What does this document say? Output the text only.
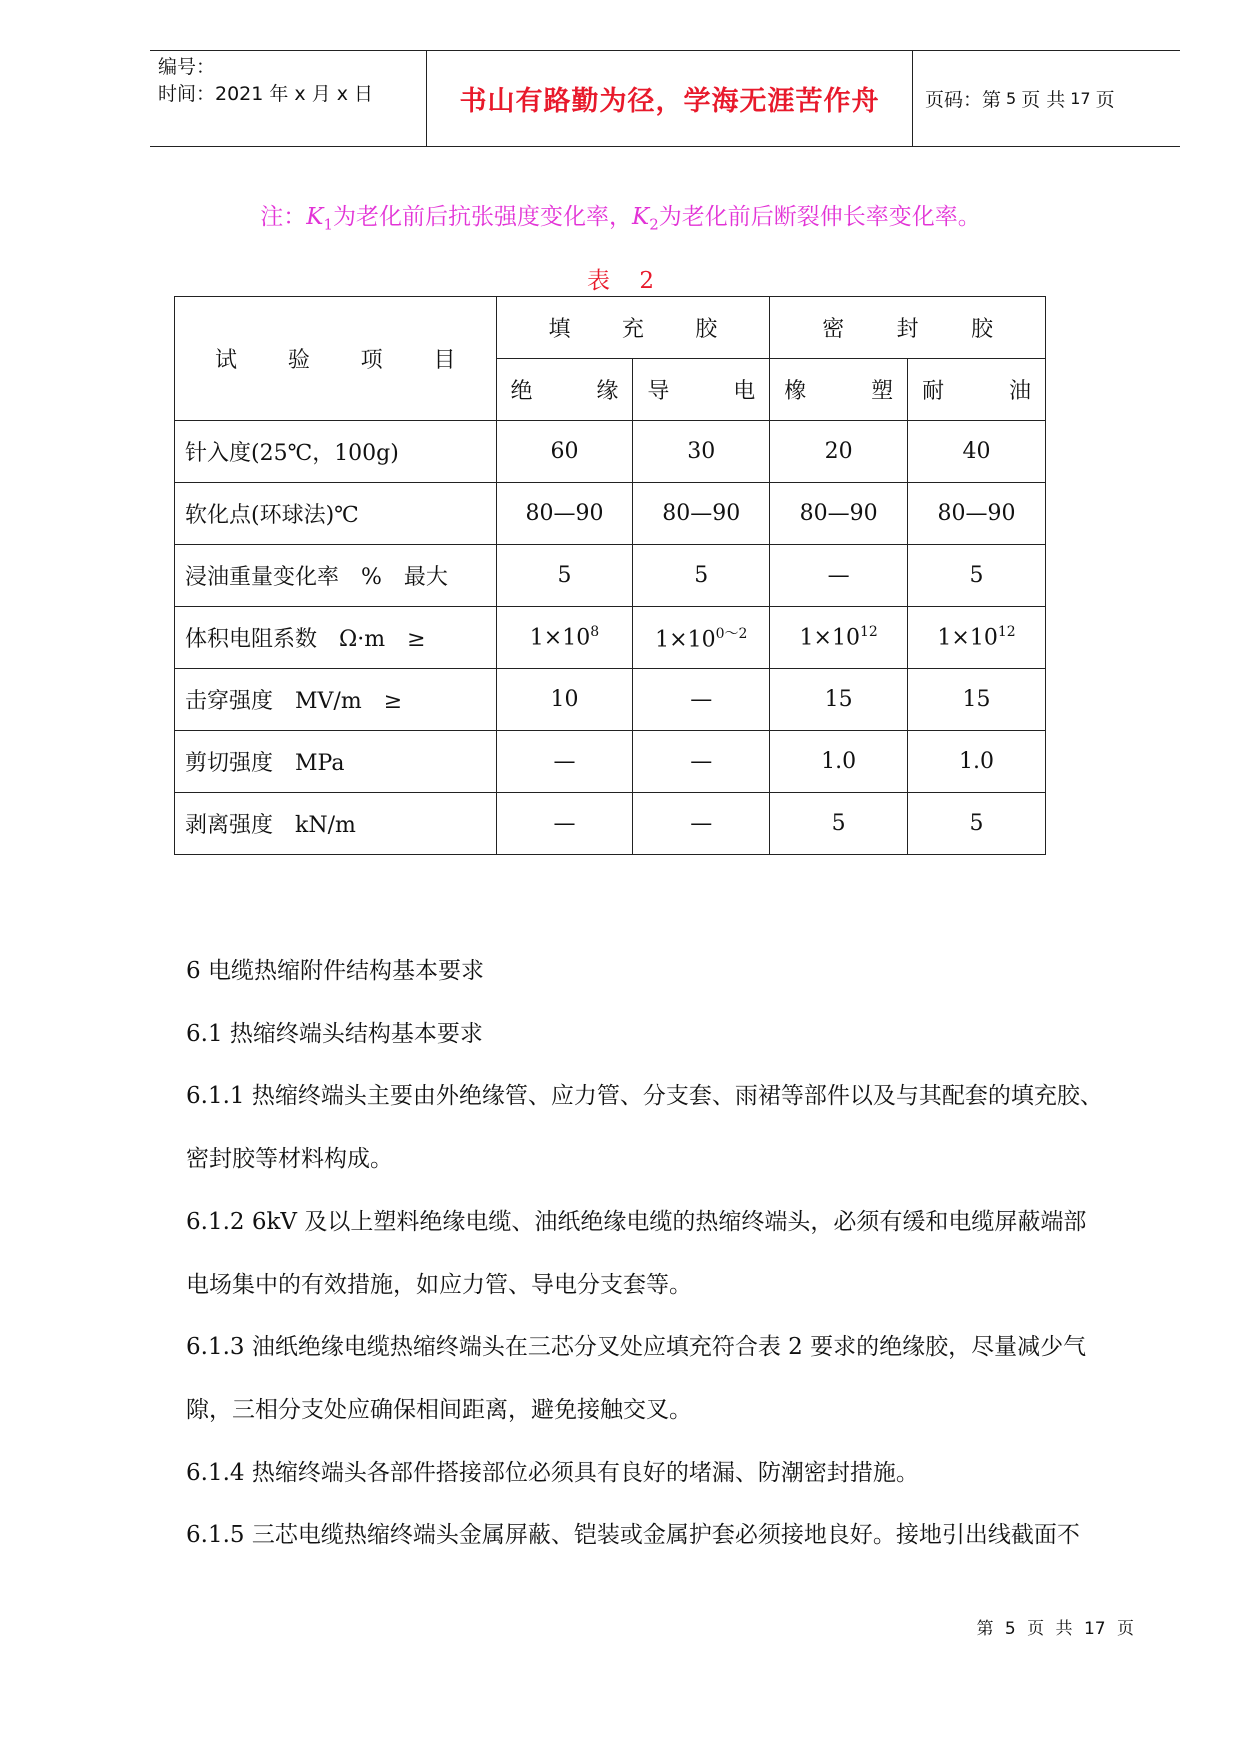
编号：
时间：2021 年 x 月 x 日	书山有路勤为径，学海无涯苦作舟	页码：第 5 页 共 17 页
注：$K_1$为老化前后抗张强度变化率，$K_2$为老化前后断裂伸长率变化率。
表 2
试验项目	填充胶		密封胶	
	绝缘	导电	橡塑	耐油
针入度(25℃，100g)	60	30	20	40
软化点(环球法)℃	80—90	80—90	80—90	80—90
浸油重量变化率　%　最大	5	5	—	5
体积电阻系数　Ω·m　≥	$1\times 10^8$	$1\times 10^{0\sim 2}$	$1\times 10^{12}$	$1\times 10^{12}$
击穿强度　MV/m　≥	10	—	15	15
剪切强度　MPa	—	—	1.0	1.0
剥离强度　kN/m	—	—	5	5

6 电缆热缩附件结构基本要求

6.1 热缩终端头结构基本要求

6.1.1 热缩终端头主要由外绝缘管、应力管、分支套、雨裙等部件以及与其配套的填充胶、

密封胶等材料构成。

6.1.2 6kV 及以上塑料绝缘电缆、油纸绝缘电缆的热缩终端头，必须有缓和电缆屏蔽端部

电场集中的有效措施，如应力管、导电分支套等。

6.1.3 油纸绝缘电缆热缩终端头在三芯分叉处应填充符合表 2 要求的绝缘胶，尽量减少气

隙，三相分支处应确保相间距离，避免接触交叉。

6.1.4 热缩终端头各部件搭接部位必须具有良好的堵漏、防潮密封措施。

6.1.5 三芯电缆热缩终端头金属屏蔽、铠装或金属护套必须接地良好。接地引出线截面不

第 5 页 共 17 页
